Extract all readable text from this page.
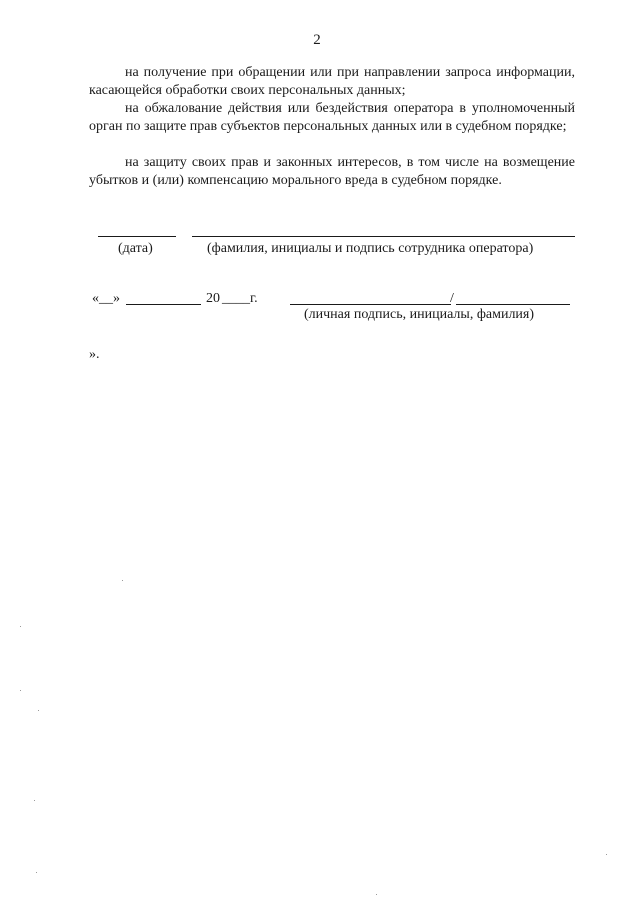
2

на получение при обращении или при направлении запроса информации, касающейся обработки своих персональных данных;

на обжалование действия или бездействия оператора в уполномоченный орган по защите прав субъектов персональных данных или в судебном порядке;

на защиту своих прав и законных интересов, в том числе на возмещение убытков и (или) компенсацию морального вреда в судебном порядке.

(дата)	(фамилия, инициалы и подпись сотрудника оператора)
«__»	20 ____г.	/
(личная подпись, инициалы, фамилия)
».
